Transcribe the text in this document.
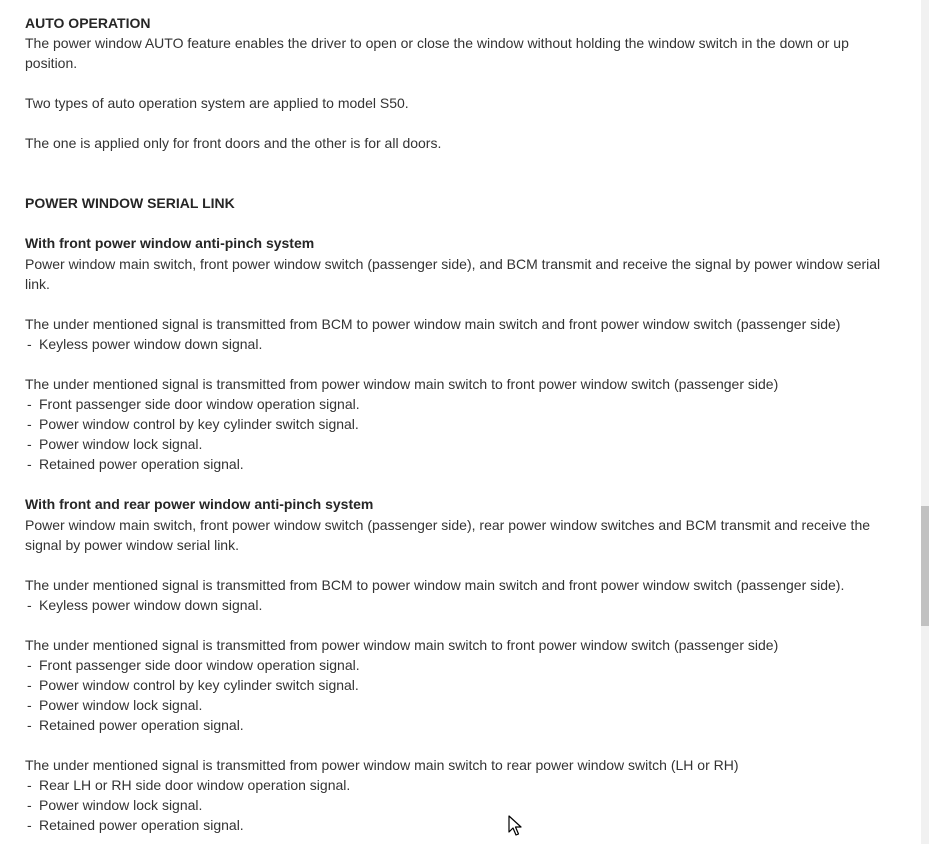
AUTO OPERATION

The power window AUTO feature enables the driver to open or close the window without holding the window switch in the down or up position.

Two types of auto operation system are applied to model S50.

The one is applied only for front doors and the other is for all doors.

POWER WINDOW SERIAL LINK

With front power window anti-pinch system

Power window main switch, front power window switch (passenger side), and BCM transmit and receive the signal by power window serial link.

The under mentioned signal is transmitted from BCM to power window main switch and front power window switch (passenger side)

- Keyless power window down signal.

The under mentioned signal is transmitted from power window main switch to front power window switch (passenger side)

- Front passenger side door window operation signal.

- Power window control by key cylinder switch signal.

- Power window lock signal.

- Retained power operation signal.

With front and rear power window anti-pinch system

Power window main switch, front power window switch (passenger side), rear power window switches and BCM transmit and receive the signal by power window serial link.

The under mentioned signal is transmitted from BCM to power window main switch and front power window switch (passenger side).

- Keyless power window down signal.

The under mentioned signal is transmitted from power window main switch to front power window switch (passenger side)

- Front passenger side door window operation signal.

- Power window control by key cylinder switch signal.

- Power window lock signal.

- Retained power operation signal.

The under mentioned signal is transmitted from power window main switch to rear power window switch (LH or RH)

- Rear LH or RH side door window operation signal.

- Power window lock signal.

- Retained power operation signal.
